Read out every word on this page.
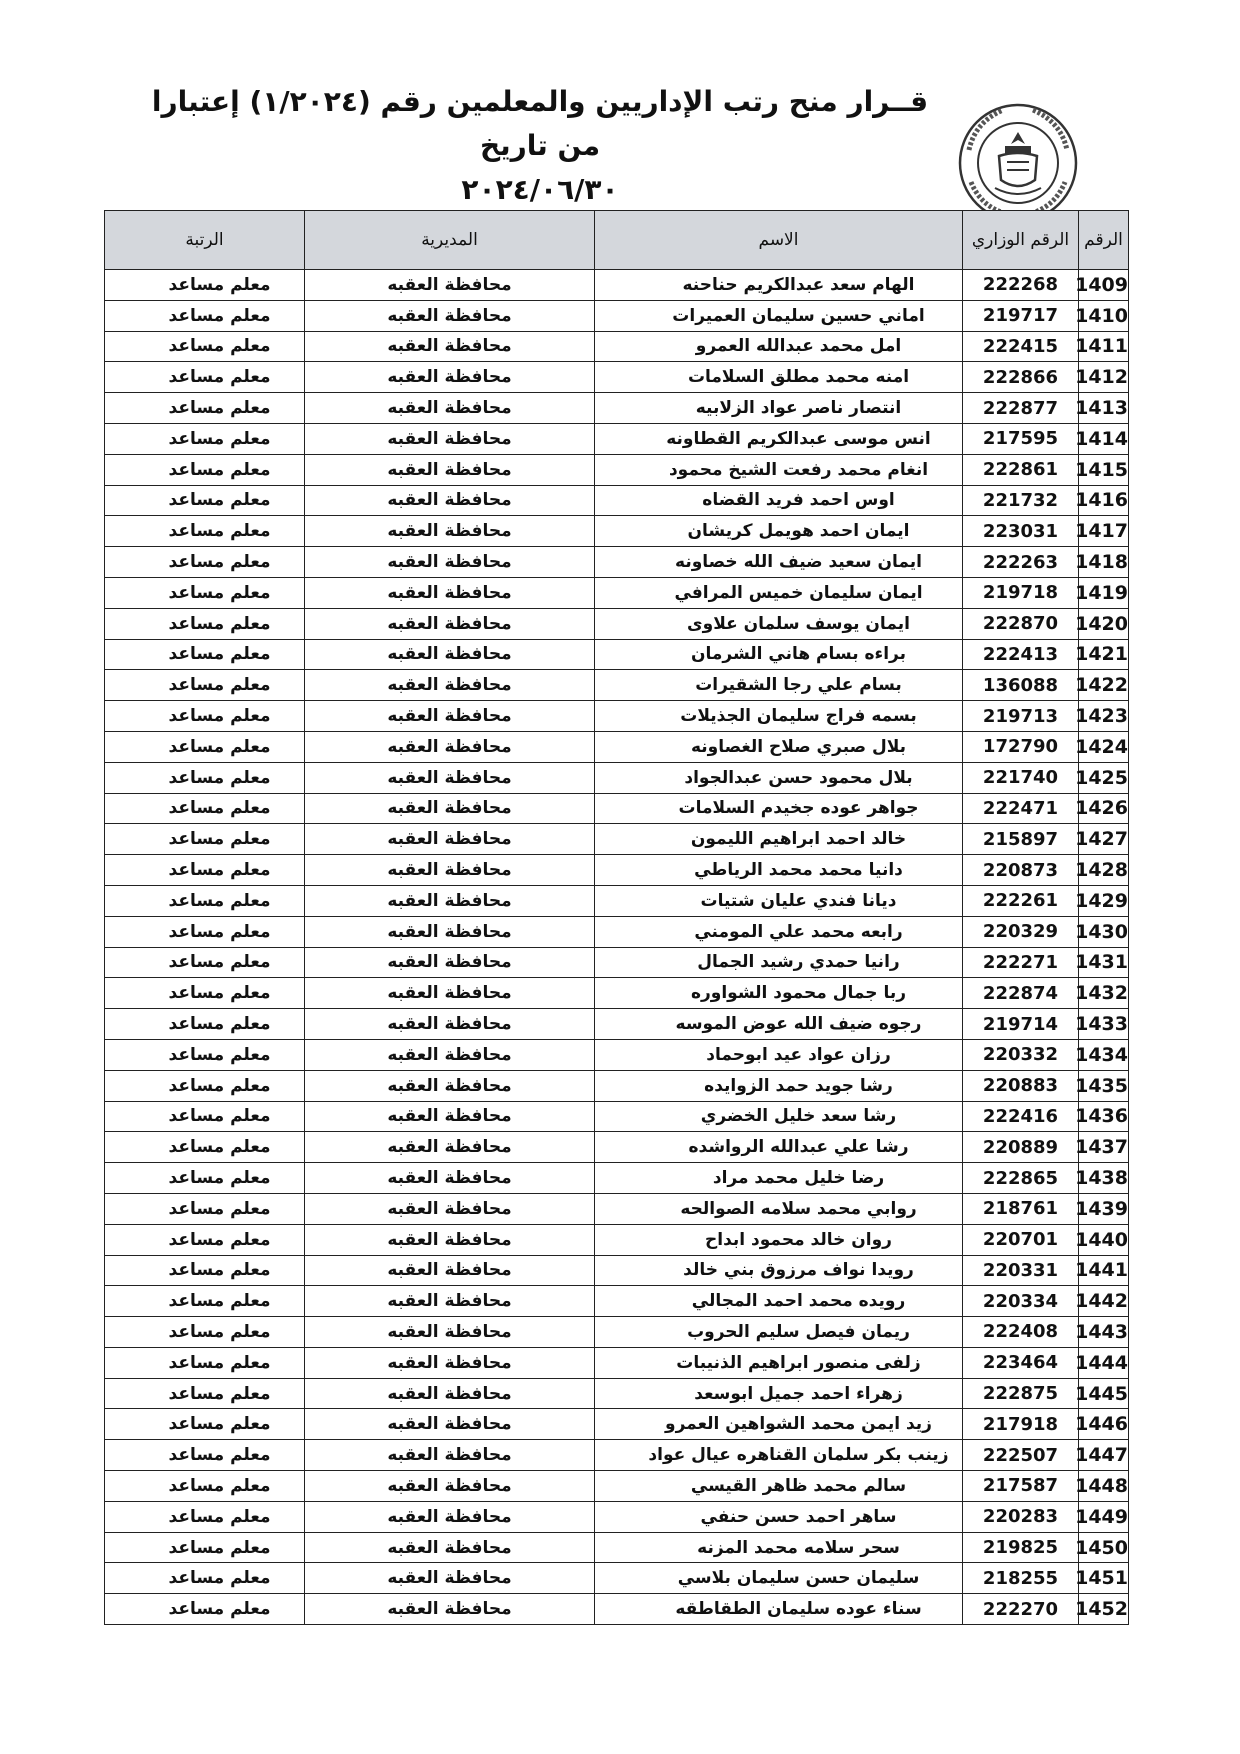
قــرار منح رتب الإداريين والمعلمين رقم (١/٢٠٢٤) إعتبارا من تاريخ
٢٠٢٤/٠٦/٣٠
الرقم	الرقم الوزاري	الاسم	المديرية	الرتبة
1409	222268	الهام سعد عبدالكريم حناحنه	محافظة العقبه	معلم مساعد
1410	219717	اماني حسين سليمان العميرات	محافظة العقبه	معلم مساعد
1411	222415	امل محمد عبدالله العمرو	محافظة العقبه	معلم مساعد
1412	222866	امنه محمد مطلق السلامات	محافظة العقبه	معلم مساعد
1413	222877	انتصار ناصر عواد الزلابيه	محافظة العقبه	معلم مساعد
1414	217595	انس موسى عبدالكريم القطاونه	محافظة العقبه	معلم مساعد
1415	222861	انغام محمد رفعت الشيخ محمود	محافظة العقبه	معلم مساعد
1416	221732	اوس احمد فريد القضاه	محافظة العقبه	معلم مساعد
1417	223031	ايمان احمد هويمل كريشان	محافظة العقبه	معلم مساعد
1418	222263	ايمان سعيد ضيف الله خصاونه	محافظة العقبه	معلم مساعد
1419	219718	ايمان سليمان خميس المرافي	محافظة العقبه	معلم مساعد
1420	222870	ايمان يوسف سلمان علاوى	محافظة العقبه	معلم مساعد
1421	222413	براءه بسام هاني الشرمان	محافظة العقبه	معلم مساعد
1422	136088	بسام علي رجا الشقيرات	محافظة العقبه	معلم مساعد
1423	219713	بسمه فراج سليمان الجذيلات	محافظة العقبه	معلم مساعد
1424	172790	بلال صبري صلاح الغصاونه	محافظة العقبه	معلم مساعد
1425	221740	بلال محمود حسن عبدالجواد	محافظة العقبه	معلم مساعد
1426	222471	جواهر عوده جخيدم السلامات	محافظة العقبه	معلم مساعد
1427	215897	خالد احمد ابراهيم الليمون	محافظة العقبه	معلم مساعد
1428	220873	دانيا محمد محمد الرياطي	محافظة العقبه	معلم مساعد
1429	222261	ديانا فندي عليان شتيات	محافظة العقبه	معلم مساعد
1430	220329	رابعه محمد علي المومني	محافظة العقبه	معلم مساعد
1431	222271	رانيا حمدي رشيد الجمال	محافظة العقبه	معلم مساعد
1432	222874	ربا جمال محمود الشواوره	محافظة العقبه	معلم مساعد
1433	219714	رجوه ضيف الله عوض الموسه	محافظة العقبه	معلم مساعد
1434	220332	رزان عواد عيد ابوحماد	محافظة العقبه	معلم مساعد
1435	220883	رشا جويد حمد الزوايده	محافظة العقبه	معلم مساعد
1436	222416	رشا سعد خليل الخضري	محافظة العقبه	معلم مساعد
1437	220889	رشا علي عبدالله الرواشده	محافظة العقبه	معلم مساعد
1438	222865	رضا خليل محمد مراد	محافظة العقبه	معلم مساعد
1439	218761	روابي محمد سلامه الصوالحه	محافظة العقبه	معلم مساعد
1440	220701	روان خالد محمود ابداح	محافظة العقبه	معلم مساعد
1441	220331	رويدا نواف مرزوق بني خالد	محافظة العقبه	معلم مساعد
1442	220334	رويده محمد احمد المجالي	محافظة العقبه	معلم مساعد
1443	222408	ريمان فيصل سليم الحروب	محافظة العقبه	معلم مساعد
1444	223464	زلفى منصور ابراهيم الذنيبات	محافظة العقبه	معلم مساعد
1445	222875	زهراء احمد جميل ابوسعد	محافظة العقبه	معلم مساعد
1446	217918	زيد ايمن محمد الشواهين العمرو	محافظة العقبه	معلم مساعد
1447	222507	زينب بكر سلمان القناهره عيال عواد	محافظة العقبه	معلم مساعد
1448	217587	سالم محمد ظاهر القيسي	محافظة العقبه	معلم مساعد
1449	220283	ساهر احمد حسن حنفي	محافظة العقبه	معلم مساعد
1450	219825	سحر سلامه محمد المزنه	محافظة العقبه	معلم مساعد
1451	218255	سليمان حسن سليمان بلاسي	محافظة العقبه	معلم مساعد
1452	222270	سناء عوده سليمان الطقاطقه	محافظة العقبه	معلم مساعد
